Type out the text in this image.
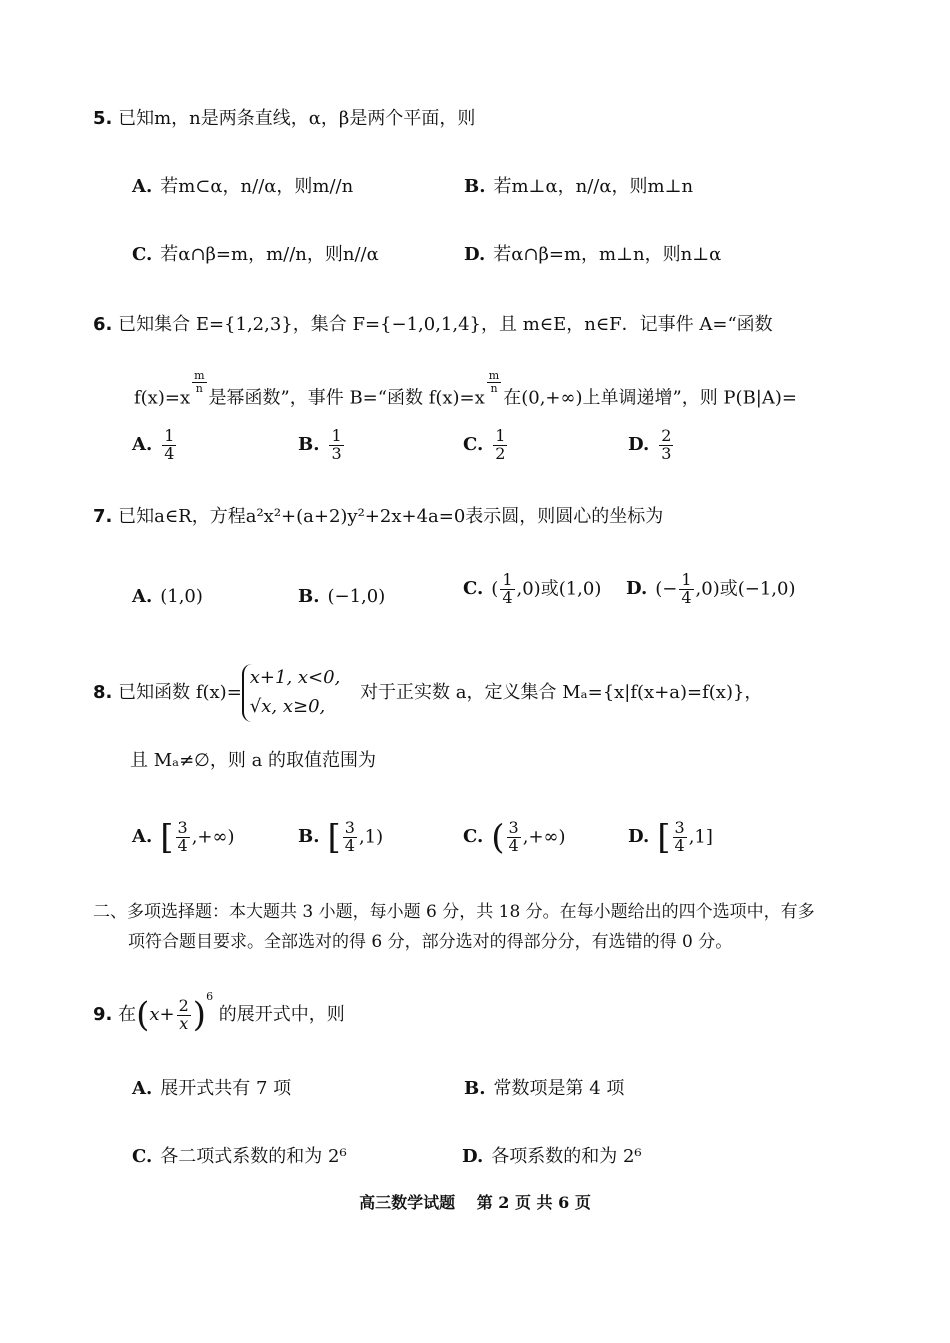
5. 已知m，n是两条直线，α，β是两个平面，则
A. 若m⊂α，n//α，则m//n	B. 若m⊥α，n//α，则m⊥n
C. 若α∩β=m，m//n，则n//α	D. 若α∩β=m，m⊥n，则n⊥α
6. 已知集合 E={1,2,3}，集合 F={−1,0,1,4}，且 m∈E，n∈F．记事件 A=“函数
f(x)=x
$\frac{m}{n}$
是幂函数”，事件 B=“函数 f(x)=x
$\frac{m}{n}$
在(0,+∞)上单调递增”，则 P(B|A)=
A. $\frac{1}{4}$	B. $\frac{1}{3}$	C. $\frac{1}{2}$	D. $\frac{2}{3}$
7. 已知a∈R，方程a²x²+(a+2)y²+2x+4a=0表示圆，则圆心的坐标为
A. (1,0)	B. (−1,0)	C. ( $\frac{1}{4} ,0$)或(1,0) D. (− $\frac{1}{4} ,0$)或(−1,0)
8. 已知函数 f(x)=
x+1, x<0,
√x, x≥0,
对于正实数 a，定义集合 Mₐ={x|f(x+a)=f(x)}，
且 Mₐ≠∅，则 a 的取值范围为
A. [ $\frac{3}{4}$ ,+∞)	B. [ $\frac{3}{4} ,1$)	C. ( $\frac{3}{4}$ ,+∞)	D. [ $\frac{3}{4} ,1$]
二、多项选择题：本大题共 3 小题，每小题 6 分，共 18 分。在每小题给出的四个选项中，有多
项符合题目要求。全部选对的得 6 分，部分选对的得部分分，有选错的得 0 分。
9. 在$(x+ \frac{2}{x} )^6$ 的展开式中，则
A. 展开式共有 7 项	B. 常数项是第 4 项
C. 各二项式系数的和为 2⁶	D. 各项系数的和为 2⁶
高三数学试题　 第 2 页 共 6 页
